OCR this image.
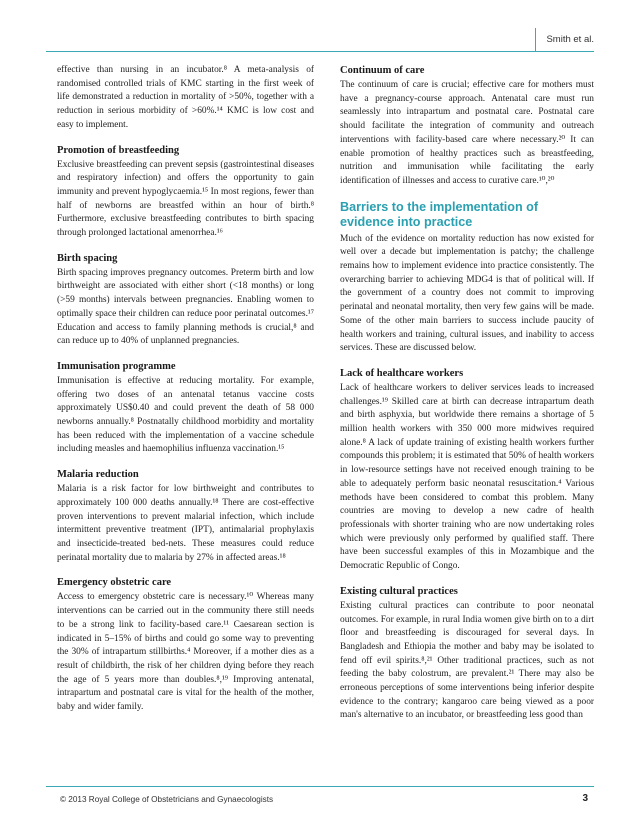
Smith et al.

effective than nursing in an incubator.⁸ A meta-analysis of randomised controlled trials of KMC starting in the first week of life demonstrated a reduction in mortality of >50%, together with a reduction in serious morbidity of >60%.¹⁴ KMC is low cost and easy to implement.

Promotion of breastfeeding

Exclusive breastfeeding can prevent sepsis (gastrointestinal diseases and respiratory infection) and offers the opportunity to gain immunity and prevent hypoglycaemia.¹⁵ In most regions, fewer than half of newborns are breastfed within an hour of birth.⁸ Furthermore, exclusive breastfeeding contributes to birth spacing through prolonged lactational amenorrhea.¹⁶

Birth spacing

Birth spacing improves pregnancy outcomes. Preterm birth and low birthweight are associated with either short (<18 months) or long (>59 months) intervals between pregnancies. Enabling women to optimally space their children can reduce poor perinatal outcomes.¹⁷ Education and access to family planning methods is crucial,⁸ and can reduce up to 40% of unplanned pregnancies.

Immunisation programme

Immunisation is effective at reducing mortality. For example, offering two doses of an antenatal tetanus vaccine costs approximately US$0.40 and could prevent the death of 58 000 newborns annually.⁸ Postnatally childhood morbidity and mortality has been reduced with the implementation of a vaccine schedule including measles and haemophilius influenza vaccination.¹⁵

Malaria reduction

Malaria is a risk factor for low birthweight and contributes to approximately 100 000 deaths annually.¹⁸ There are cost-effective proven interventions to prevent malarial infection, which include intermittent preventive treatment (IPT), antimalarial prophylaxis and insecticide-treated bed-nets. These measures could reduce perinatal mortality due to malaria by 27% in affected areas.¹⁸

Emergency obstetric care

Access to emergency obstetric care is necessary.¹⁰ Whereas many interventions can be carried out in the community there still needs to be a strong link to facility-based care.¹¹ Caesarean section is indicated in 5–15% of births and could go some way to preventing the 30% of intrapartum stillbirths.⁴ Moreover, if a mother dies as a result of childbirth, the risk of her children dying before they reach the age of 5 years more than doubles.⁸,¹⁹ Improving antenatal, intrapartum and postnatal care is vital for the health of the mother, baby and wider family.

Continuum of care

The continuum of care is crucial; effective care for mothers must have a pregnancy-course approach. Antenatal care must run seamlessly into intrapartum and postnatal care. Postnatal care should facilitate the integration of community and outreach interventions with facility-based care where necessary.²⁰ It can enable promotion of healthy practices such as breastfeeding, nutrition and immunisation while facilitating the early identification of illnesses and access to curative care.¹⁰,²⁰

Barriers to the implementation of evidence into practice

Much of the evidence on mortality reduction has now existed for well over a decade but implementation is patchy; the challenge remains how to implement evidence into practice consistently. The overarching barrier to achieving MDG4 is that of political will. If the government of a country does not commit to improving perinatal and neonatal mortality, then very few gains will be made. Some of the other main barriers to success include paucity of health workers and training, cultural issues, and inability to access services. These are discussed below.

Lack of healthcare workers

Lack of healthcare workers to deliver services leads to increased challenges.¹⁹ Skilled care at birth can decrease intrapartum death and birth asphyxia, but worldwide there remains a shortage of 5 million health workers with 350 000 more midwives required alone.⁸ A lack of update training of existing health workers further compounds this problem; it is estimated that 50% of health workers in low-resource settings have not received enough training to be able to adequately perform basic neonatal resuscitation.⁴ Various methods have been considered to combat this problem. Many countries are moving to develop a new cadre of health professionals with shorter training who are now undertaking roles which were previously only performed by qualified staff. There have been successful examples of this in Mozambique and the Democratic Republic of Congo.

Existing cultural practices

Existing cultural practices can contribute to poor neonatal outcomes. For example, in rural India women give birth on to a dirt floor and breastfeeding is discouraged for several days. In Bangladesh and Ethiopia the mother and baby may be isolated to fend off evil spirits.⁸,²¹ Other traditional practices, such as not feeding the baby colostrum, are prevalent.²¹ There may also be erroneous perceptions of some interventions being inferior despite evidence to the contrary; kangaroo care being viewed as a poor man's alternative to an incubator, or breastfeeding less good than

© 2013 Royal College of Obstetricians and Gynaecologists	3
